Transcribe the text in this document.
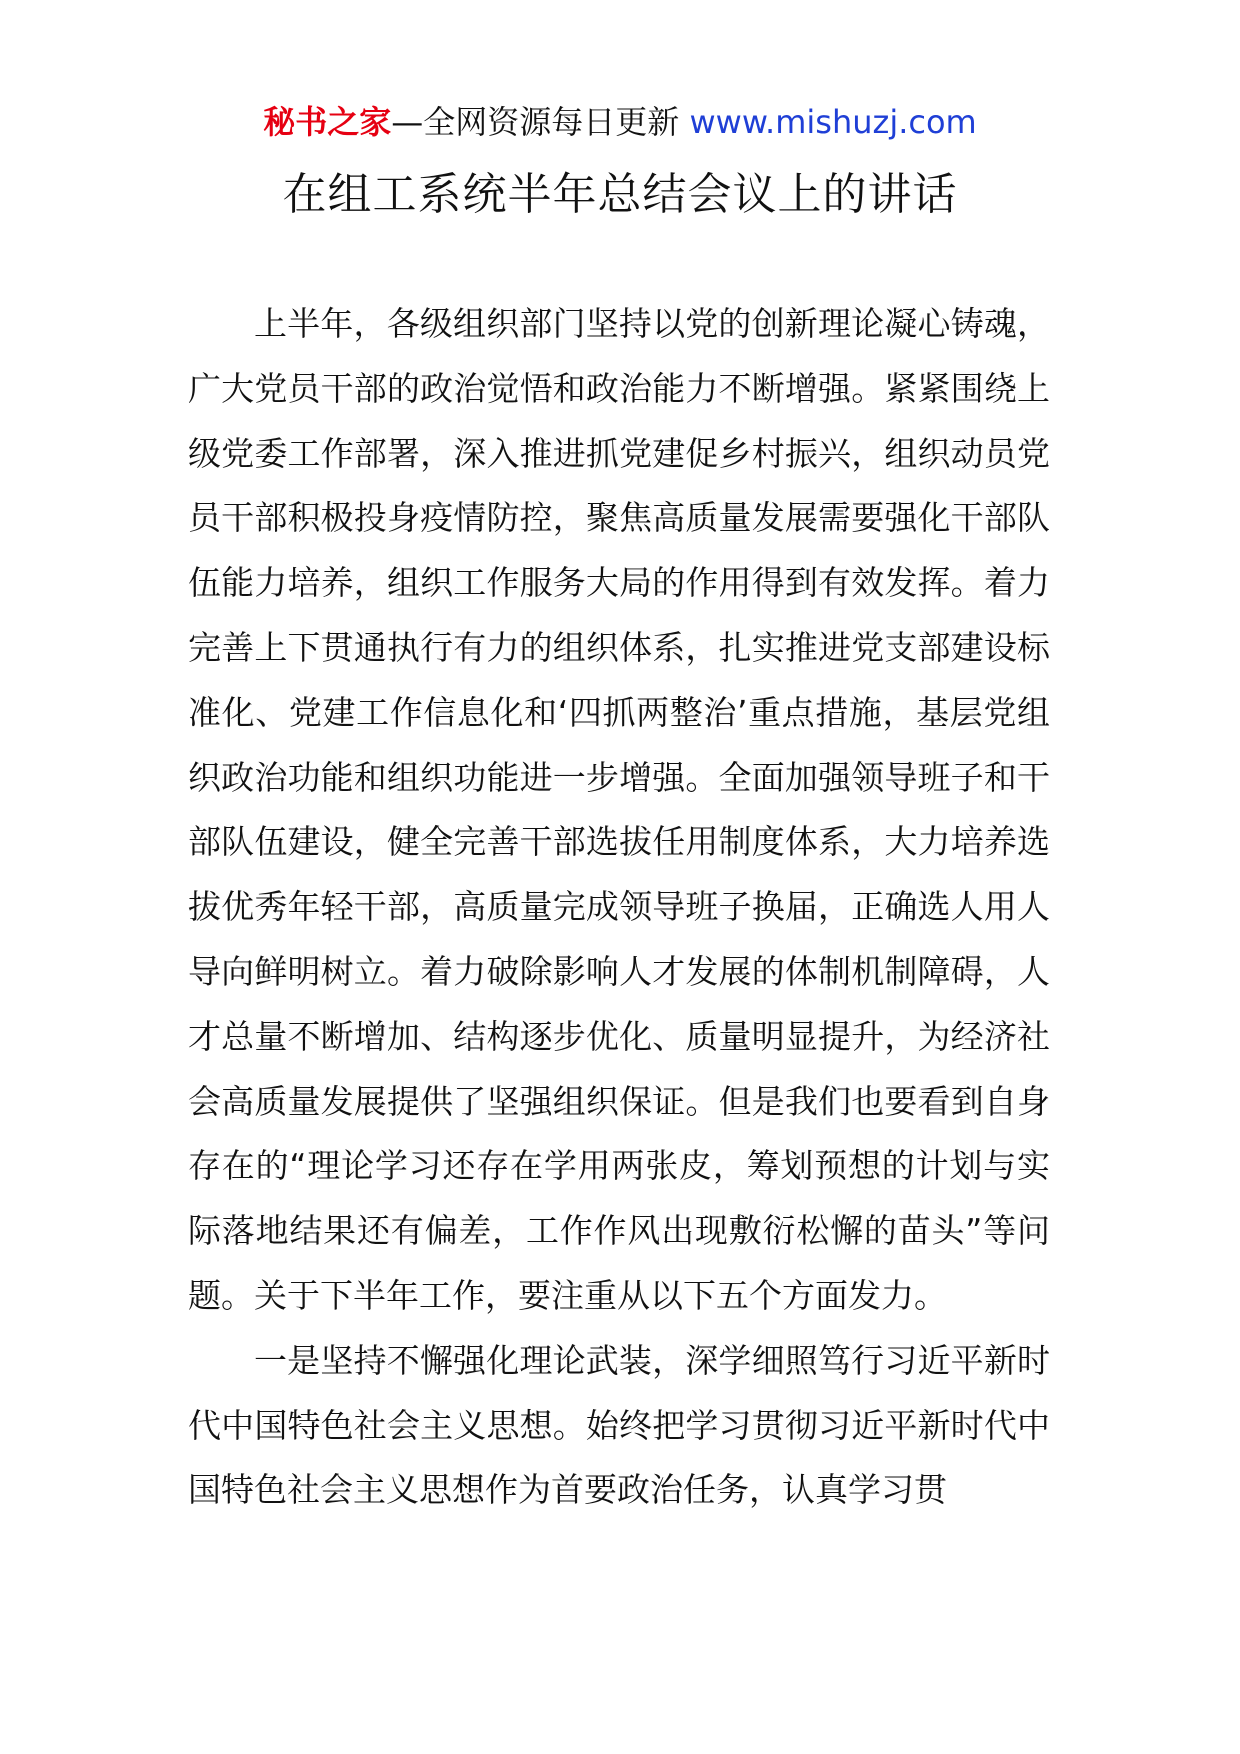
秘书之家—全网资源每日更新 www.mishuzj.com
在组工系统半年总结会议上的讲话

上半年，各级组织部门坚持以党的创新理论凝心铸魂，广大党员干部的政治觉悟和政治能力不断增强。紧紧围绕上级党委工作部署，深入推进抓党建促乡村振兴，组织动员党员干部积极投身疫情防控，聚焦高质量发展需要强化干部队伍能力培养，组织工作服务大局的作用得到有效发挥。着力完善上下贯通执行有力的组织体系，扎实推进党支部建设标准化、党建工作信息化和‘四抓两整治’重点措施，基层党组织政治功能和组织功能进一步增强。全面加强领导班子和干部队伍建设，健全完善干部选拔任用制度体系，大力培养选拔优秀年轻干部，高质量完成领导班子换届，正确选人用人导向鲜明树立。着力破除影响人才发展的体制机制障碍，人才总量不断增加、结构逐步优化、质量明显提升，为经济社会高质量发展提供了坚强组织保证。但是我们也要看到自身存在的“理论学习还存在学用两张皮，筹划预想的计划与实际落地结果还有偏差，工作作风出现敷衍松懈的苗头”等问题。关于下半年工作，要注重从以下五个方面发力。

一是坚持不懈强化理论武装，深学细照笃行习近平新时代中国特色社会主义思想。始终把学习贯彻习近平新时代中国特色社会主义思想作为首要政治任务，认真学习贯
